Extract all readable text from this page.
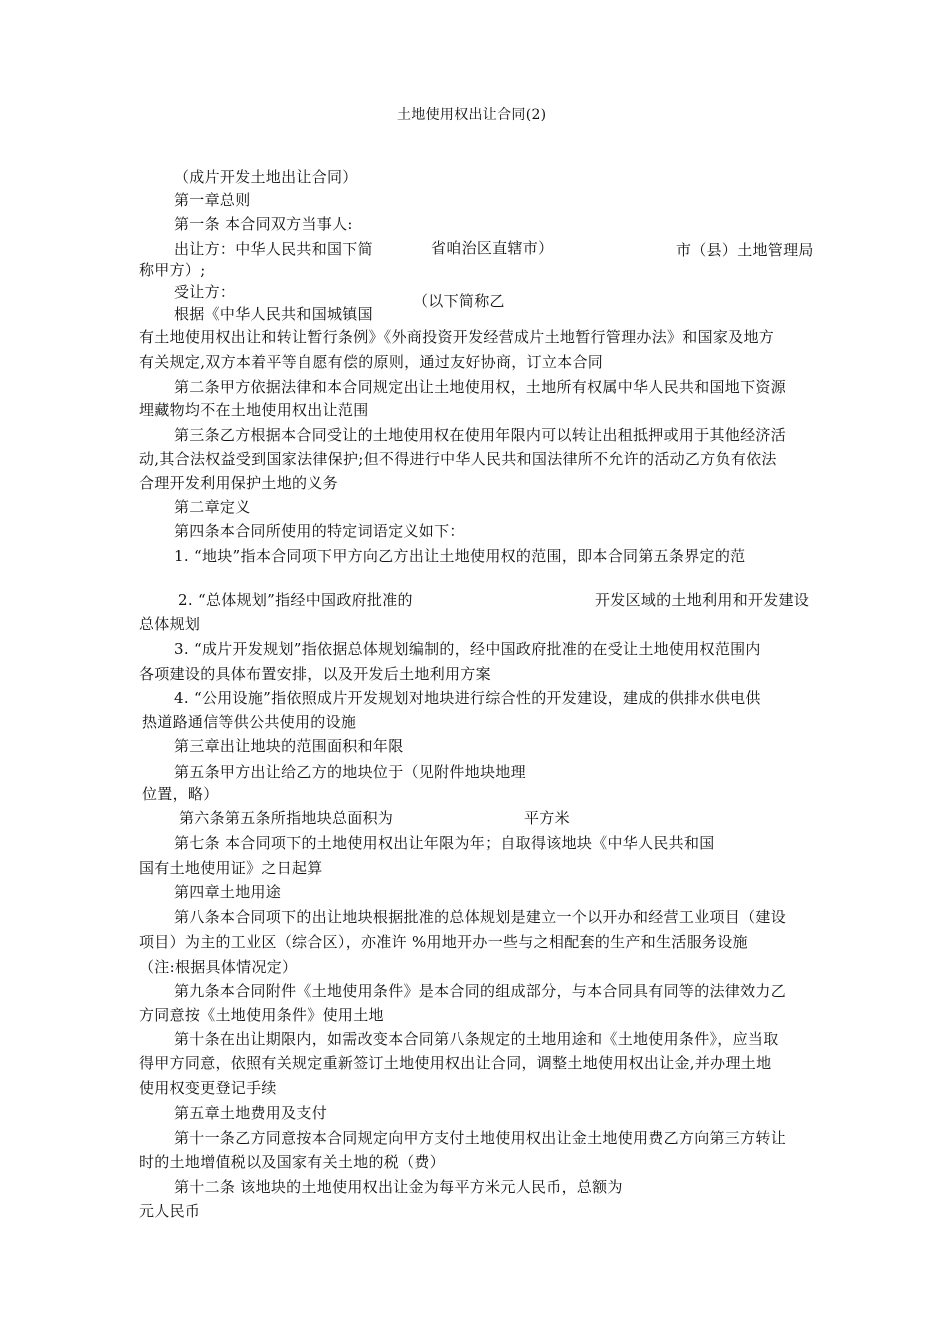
土地使用权出让合同(2)
（成片开发土地出让合同）
第一章总则
第一条 本合同双方当事人:
出让方：中华人民共和国下简	省咱治区直辖市）	市（县）土地管理局
称甲方）;
受让方：	（以下简称乙
根据《中华人民共和国城镇国
有土地使用权出让和转让暂行条例》《外商投资开发经营成片土地暂行管理办法》和国家及地方
有关规定,双方本着平等自愿有偿的原则，通过友好协商，订立本合同
第二条甲方依据法律和本合同规定出让土地使用权，土地所有权属中华人民共和国地下资源
埋藏物均不在土地使用权出让范围
第三条乙方根据本合同受让的土地使用权在使用年限内可以转让出租抵押或用于其他经济活
动,其合法权益受到国家法律保护;但不得进行中华人民共和国法律所不允许的活动乙方负有依法
合理开发利用保护土地的义务
第二章定义
第四条本合同所使用的特定词语定义如下：
1. “地块”指本合同项下甲方向乙方出让土地使用权的范围，即本合同第五条界定的范
2. “总体规划”指经中国政府批准的	开发区域的土地利用和开发建设
总体规划
3. “成片开发规划”指依据总体规划编制的，经中国政府批准的在受让土地使用权范围内
各项建设的具体布置安排，以及开发后土地利用方案
4. “公用设施”指依照成片开发规划对地块进行综合性的开发建设，建成的供排水供电供
热道路通信等供公共使用的设施
第三章出让地块的范围面积和年限
第五条甲方出让给乙方的地块位于（见附件地块地理
位置，略）
第六条第五条所指地块总面积为	平方米
第七条 本合同项下的土地使用权出让年限为年；自取得该地块《中华人民共和国
国有土地使用证》之日起算
第四章土地用途
第八条本合同项下的出让地块根据批准的总体规划是建立一个以开办和经营工业项目（建设
项目）为主的工业区（综合区），亦准许 %用地开办一些与之相配套的生产和生活服务设施
（注:根据具体情况定）
第九条本合同附件《土地使用条件》是本合同的组成部分，与本合同具有同等的法律效力乙
方同意按《土地使用条件》使用土地
第十条在出让期限内，如需改变本合同第八条规定的土地用途和《土地使用条件》，应当取
得甲方同意，依照有关规定重新签订土地使用权出让合同，调整土地使用权出让金,并办理土地
使用权变更登记手续
第五章土地费用及支付
第十一条乙方同意按本合同规定向甲方支付土地使用权出让金土地使用费乙方向第三方转让
时的土地增值税以及国家有关土地的税（费）
第十二条 该地块的土地使用权出让金为每平方米元人民币，总额为
元人民币
